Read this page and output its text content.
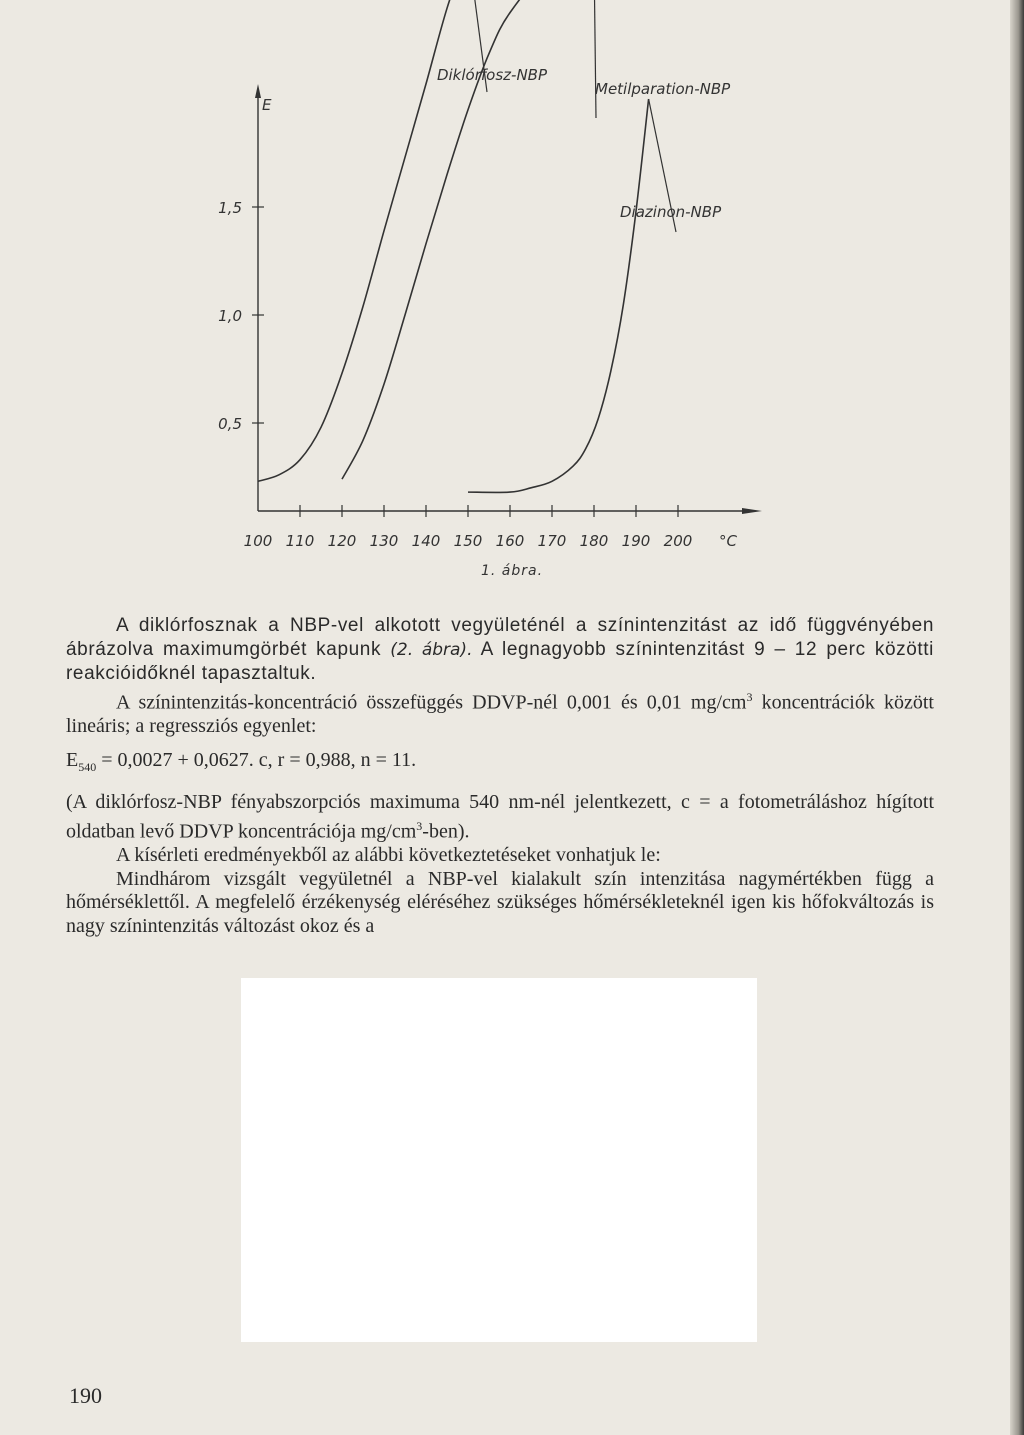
E
100 110 120 130 140 150 160 170 180 190 200 °C
0,5
1,0
1,5
Diklórfosz-NBP
Metilparation-NBP
Diazinon-NBP
1. ábra.

A diklórfosznak a NBP-vel alkotott vegyületénél a színintenzitást az idő függvényében ábrázolva maximumgörbét kapunk (2. ábra). A legnagyobb színintenzitást 9 – 12 perc közötti reakcióidőknél tapasztaltuk.

A színintenzitás-koncentráció összefüggés DDVP-nél 0,001 és 0,01 $mg/cm^3$ koncentrációk között lineáris; a regressziós egyenlet:

$E_{540} = 0,0027 + 0,0627$. c, r = 0,988, n = 11.

(A diklórfosz-NBP fényabszorpciós maximuma 540 nm-nél jelentkezett, c = a fotometráláshoz hígított oldatban levő DDVP koncentrációja $mg/cm^3-ben$).

A kísérleti eredményekből az alábbi következtetéseket vonhatjuk le:

Mindhárom vizsgált vegyületnél a NBP-vel kialakult szín intenzitása nagymértékben függ a hőmérséklettől. A megfelelő érzékenység eléréséhez szükséges hőmérsékleteknél igen kis hőfokváltozás is nagy színintenzitás változást okoz és a

190
